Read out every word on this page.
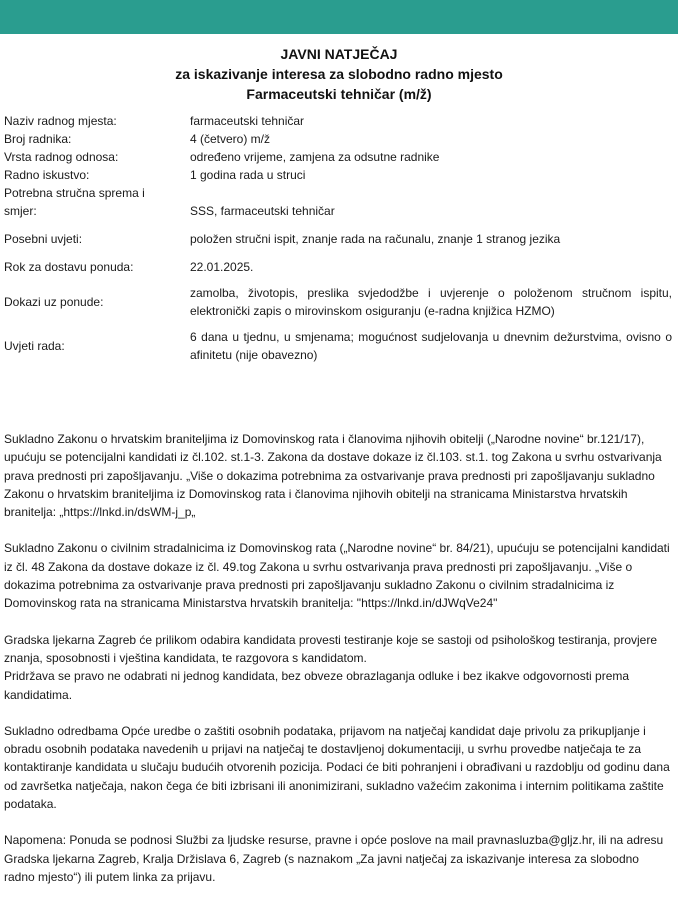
JAVNI NATJEČAJ
za iskazivanje interesa za slobodno radno mjesto
Farmaceutski tehničar (m/ž)
Naziv radnog mjesta:	farmaceutski tehničar
Broj radnika:	4 (četvero) m/ž
Vrsta radnog odnosa:	određeno vrijeme, zamjena za odsutne radnike
Radno iskustvo:	1 godina rada u struci
Potrebna stručna sprema i smjer:	SSS, farmaceutski tehničar
Posebni uvjeti:	položen stručni ispit, znanje rada na računalu, znanje 1 stranog jezika
Rok za dostavu ponuda:	22.01.2025.
Dokazi uz ponude:
zamolba, životopis, preslika svjedodžbe i uvjerenje o položenom stručnom ispitu, elektronički zapis o mirovinskom osiguranju (e-radna knjižica HZMO)
Uvjeti rada:
6 dana u tjednu, u smjenama; mogućnost sudjelovanja u dnevnim dežurstvima, ovisno o afinitetu (nije obavezno)

Sukladno Zakonu o hrvatskim braniteljima iz Domovinskog rata i članovima njihovih obitelji („Narodne novine“ br.121/17), upućuju se potencijalni kandidati iz čl.102. st.1-3. Zakona da dostave dokaze iz čl.103. st.1. tog Zakona u svrhu ostvarivanja prava prednosti pri zapošljavanju. „Više o dokazima potrebnima za ostvarivanje prava prednosti pri zapošljavanju sukladno Zakonu o hrvatskim braniteljima iz Domovinskog rata i članovima njihovih obitelji na stranicama Ministarstva hrvatskih branitelja: „https://lnkd.in/dsWM-j_p„

Sukladno Zakonu o civilnim stradalnicima iz Domovinskog rata („Narodne novine“ br. 84/21), upućuju se potencijalni kandidati iz čl. 48 Zakona da dostave dokaze iz čl. 49.tog Zakona u svrhu ostvarivanja prava prednosti pri zapošljavanju. „Više o dokazima potrebnima za ostvarivanje prava prednosti pri zapošljavanju sukladno Zakonu o civilnim stradalnicima iz Domovinskog rata na stranicama Ministarstva hrvatskih branitelja: "https://lnkd.in/dJWqVe24"

Gradska ljekarna Zagreb će prilikom odabira kandidata provesti testiranje koje se sastoji od psihološkog testiranja, provjere znanja, sposobnosti i vještina kandidata, te razgovora s kandidatom.

Pridržava se pravo ne odabrati ni jednog kandidata, bez obveze obrazlaganja odluke i bez ikakve odgovornosti prema kandidatima.

Sukladno odredbama Opće uredbe o zaštiti osobnih podataka, prijavom na natječaj kandidat daje privolu za prikupljanje i obradu osobnih podataka navedenih u prijavi na natječaj te dostavljenoj dokumentaciji, u svrhu provedbe natječaja te za kontaktiranje kandidata u slučaju budućih otvorenih pozicija. Podaci će biti pohranjeni i obrađivani u razdoblju od godinu dana od završetka natječaja, nakon čega će biti izbrisani ili anonimizirani, sukladno važećim zakonima i internim politikama zaštite podataka.

Napomena: Ponuda se podnosi Službi za ljudske resurse, pravne i opće poslove na mail pravnasluzba@gljz.hr, ili na adresu Gradska ljekarna Zagreb, Kralja Držislava 6, Zagreb (s naznakom „Za javni natječaj za iskazivanje interesa za slobodno radno mjesto“) ili putem linka za prijavu.
